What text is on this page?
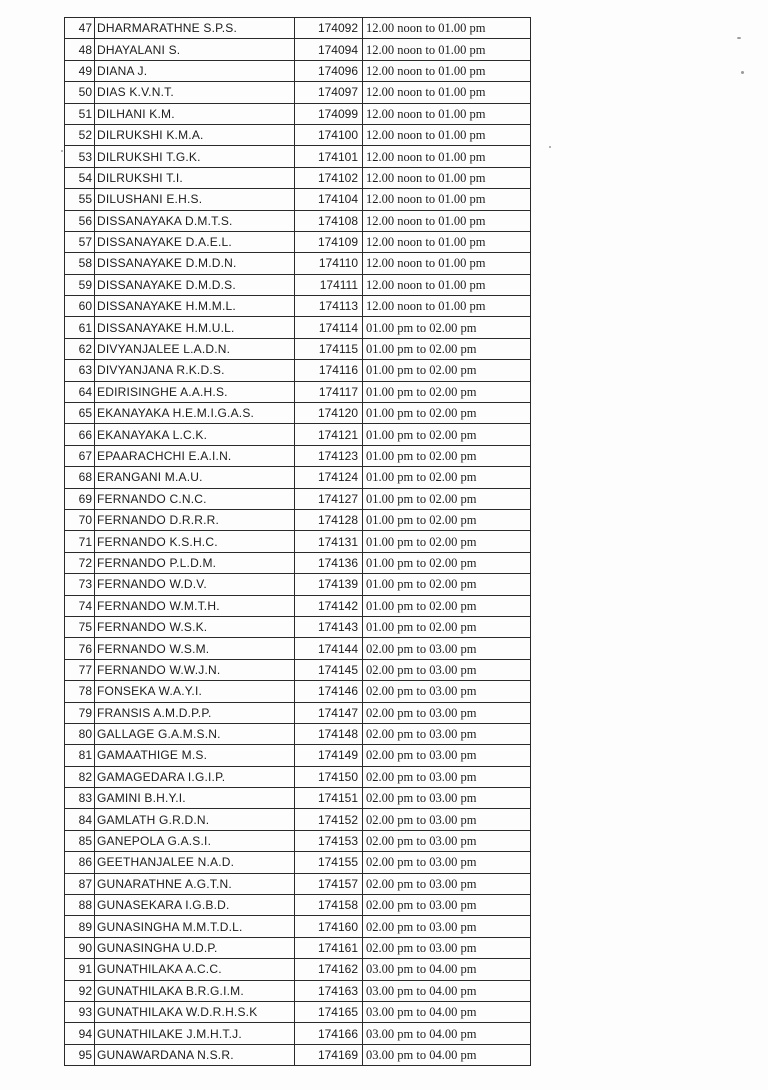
47	DHARMARATHNE S.P.S.	174092	12.00 noon to 01.00 pm
48	DHAYALANI S.	174094	12.00 noon to 01.00 pm
49	DIANA J.	174096	12.00 noon to 01.00 pm
50	DIAS K.V.N.T.	174097	12.00 noon to 01.00 pm
51	DILHANI K.M.	174099	12.00 noon to 01.00 pm
52	DILRUKSHI K.M.A.	174100	12.00 noon to 01.00 pm
53	DILRUKSHI T.G.K.	174101	12.00 noon to 01.00 pm
54	DILRUKSHI T.I.	174102	12.00 noon to 01.00 pm
55	DILUSHANI E.H.S.	174104	12.00 noon to 01.00 pm
56	DISSANAYAKA D.M.T.S.	174108	12.00 noon to 01.00 pm
57	DISSANAYAKE D.A.E.L.	174109	12.00 noon to 01.00 pm
58	DISSANAYAKE D.M.D.N.	174110	12.00 noon to 01.00 pm
59	DISSANAYAKE D.M.D.S.	174111	12.00 noon to 01.00 pm
60	DISSANAYAKE H.M.M.L.	174113	12.00 noon to 01.00 pm
61	DISSANAYAKE H.M.U.L.	174114	01.00 pm to 02.00 pm
62	DIVYANJALEE L.A.D.N.	174115	01.00 pm to 02.00 pm
63	DIVYANJANA R.K.D.S.	174116	01.00 pm to 02.00 pm
64	EDIRISINGHE A.A.H.S.	174117	01.00 pm to 02.00 pm
65	EKANAYAKA H.E.M.I.G.A.S.	174120	01.00 pm to 02.00 pm
66	EKANAYAKA L.C.K.	174121	01.00 pm to 02.00 pm
67	EPAARACHCHI E.A.I.N.	174123	01.00 pm to 02.00 pm
68	ERANGANI M.A.U.	174124	01.00 pm to 02.00 pm
69	FERNANDO C.N.C.	174127	01.00 pm to 02.00 pm
70	FERNANDO D.R.R.R.	174128	01.00 pm to 02.00 pm
71	FERNANDO K.S.H.C.	174131	01.00 pm to 02.00 pm
72	FERNANDO P.L.D.M.	174136	01.00 pm to 02.00 pm
73	FERNANDO W.D.V.	174139	01.00 pm to 02.00 pm
74	FERNANDO W.M.T.H.	174142	01.00 pm to 02.00 pm
75	FERNANDO W.S.K.	174143	01.00 pm to 02.00 pm
76	FERNANDO W.S.M.	174144	02.00 pm to 03.00 pm
77	FERNANDO W.W.J.N.	174145	02.00 pm to 03.00 pm
78	FONSEKA W.A.Y.I.	174146	02.00 pm to 03.00 pm
79	FRANSIS A.M.D.P.P.	174147	02.00 pm to 03.00 pm
80	GALLAGE G.A.M.S.N.	174148	02.00 pm to 03.00 pm
81	GAMAATHIGE M.S.	174149	02.00 pm to 03.00 pm
82	GAMAGEDARA I.G.I.P.	174150	02.00 pm to 03.00 pm
83	GAMINI B.H.Y.I.	174151	02.00 pm to 03.00 pm
84	GAMLATH G.R.D.N.	174152	02.00 pm to 03.00 pm
85	GANEPOLA G.A.S.I.	174153	02.00 pm to 03.00 pm
86	GEETHANJALEE N.A.D.	174155	02.00 pm to 03.00 pm
87	GUNARATHNE A.G.T.N.	174157	02.00 pm to 03.00 pm
88	GUNASEKARA I.G.B.D.	174158	02.00 pm to 03.00 pm
89	GUNASINGHA M.M.T.D.L.	174160	02.00 pm to 03.00 pm
90	GUNASINGHA U.D.P.	174161	02.00 pm to 03.00 pm
91	GUNATHILAKA A.C.C.	174162	03.00 pm to 04.00 pm
92	GUNATHILAKA B.R.G.I.M.	174163	03.00 pm to 04.00 pm
93	GUNATHILAKA W.D.R.H.S.K	174165	03.00 pm to 04.00 pm
94	GUNATHILAKE J.M.H.T.J.	174166	03.00 pm to 04.00 pm
95	GUNAWARDANA N.S.R.	174169	03.00 pm to 04.00 pm
